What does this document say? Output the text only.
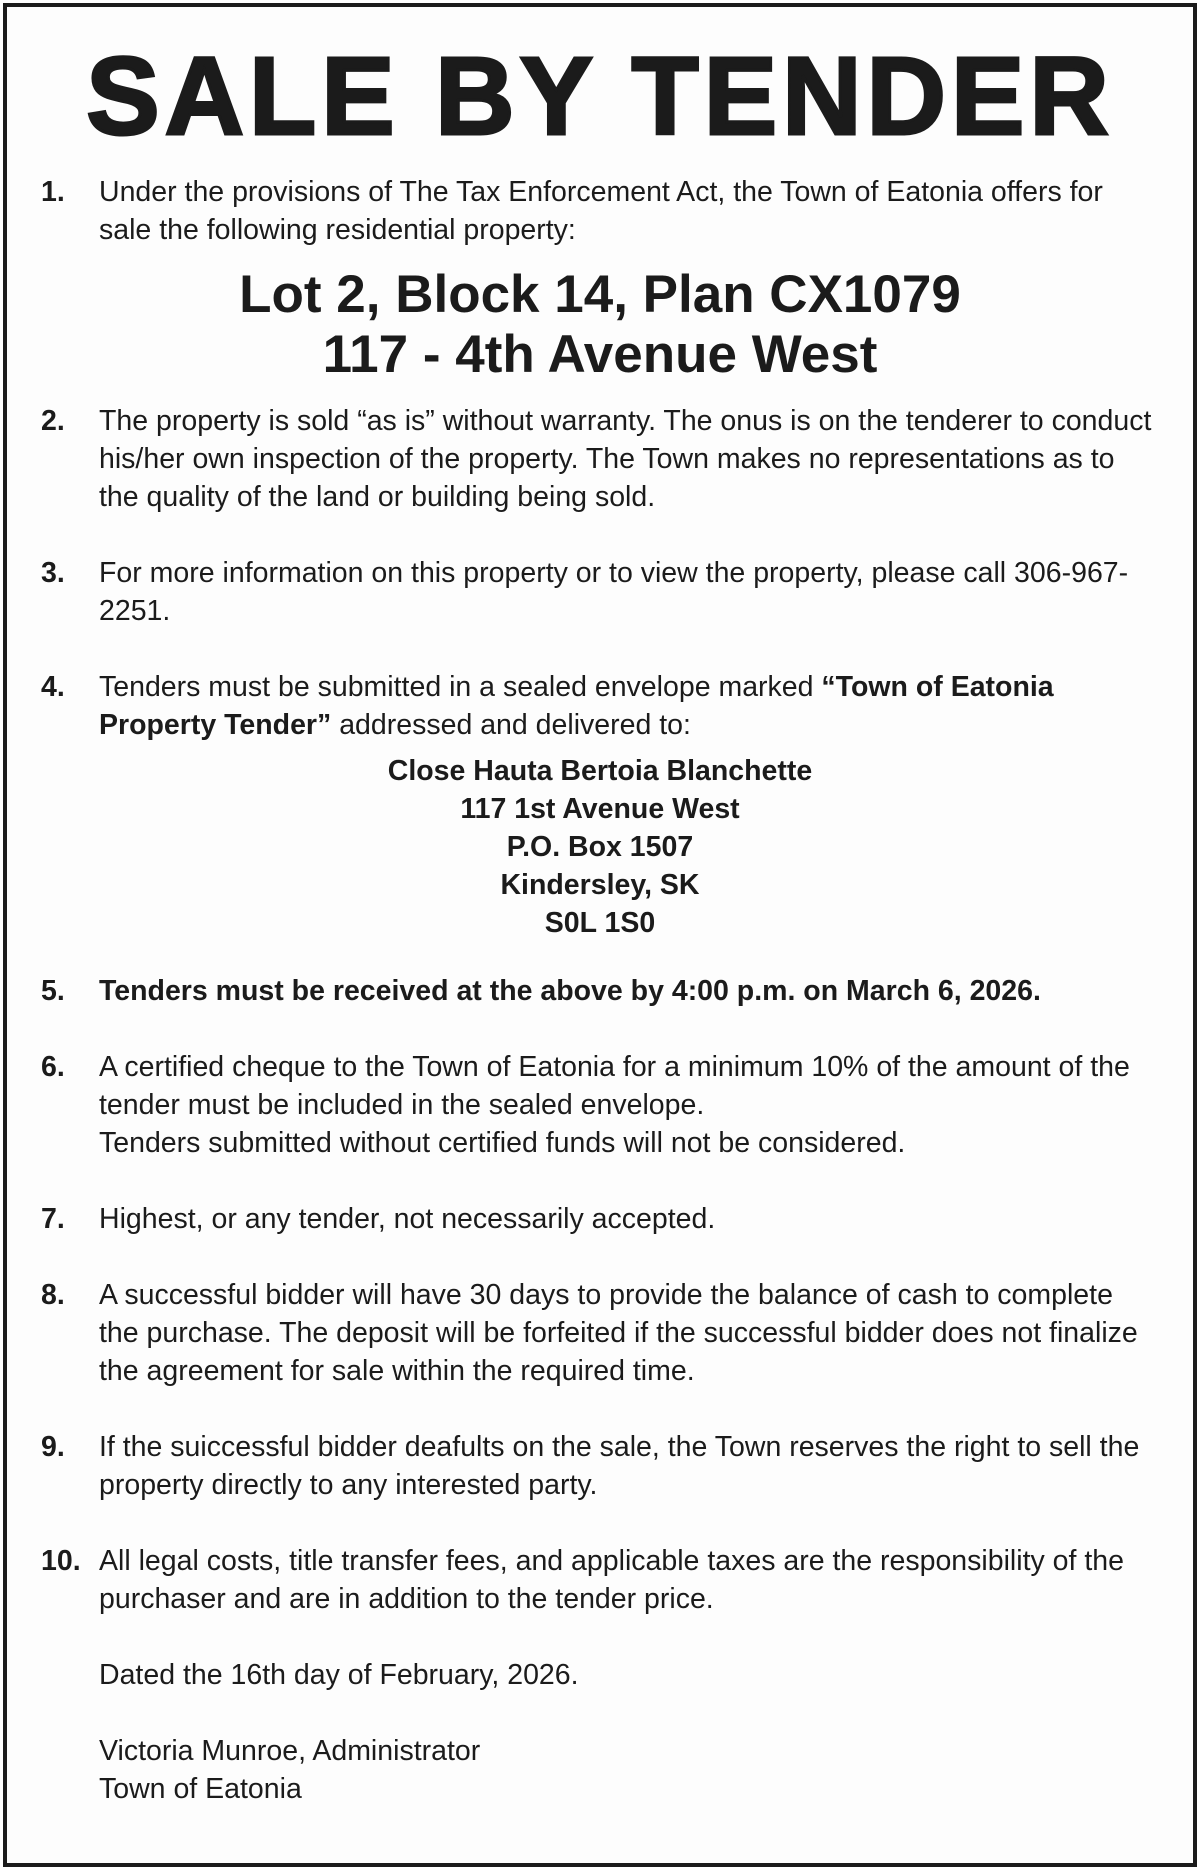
SALE BY TENDER
1.	Under the provisions of The Tax Enforcement Act, the Town of Eatonia offers for sale the following residential property:
Lot 2, Block 14, Plan CX1079
117 - 4th Avenue West
2.	The property is sold “as is” without warranty. The onus is on the tenderer to conduct his/her own inspection of the property. The Town makes no representations as to the quality of the land or building being sold.
3.	For more information on this property or to view the property, please call 306-967-2251.
4.	Tenders must be submitted in a sealed envelope marked “Town of Eatonia Property Tender” addressed and delivered to:
Close Hauta Bertoia Blanchette
117 1st Avenue West
P.O. Box 1507
Kindersley, SK
S0L 1S0
5.	Tenders must be received at the above by 4:00 p.m. on March 6, 2026.
6.	A certified cheque to the Town of Eatonia for a minimum 10% of the amount of the tender must be included in the sealed envelope.

Tenders submitted without certified funds will not be considered.

7.	Highest, or any tender, not necessarily accepted.
8.	A successful bidder will have 30 days to provide the balance of cash to complete the purchase. The deposit will be forfeited if the successful bidder does not finalize the agreement for sale within the required time.
9.	If the suiccessful bidder deafults on the sale, the Town reserves the right to sell the property directly to any interested party.
10. All legal costs, title transfer fees, and applicable taxes are the responsibility of the purchaser and are in addition to the tender price.
Dated the 16th day of February, 2026.
Victoria Munroe, Administrator
Town of Eatonia
